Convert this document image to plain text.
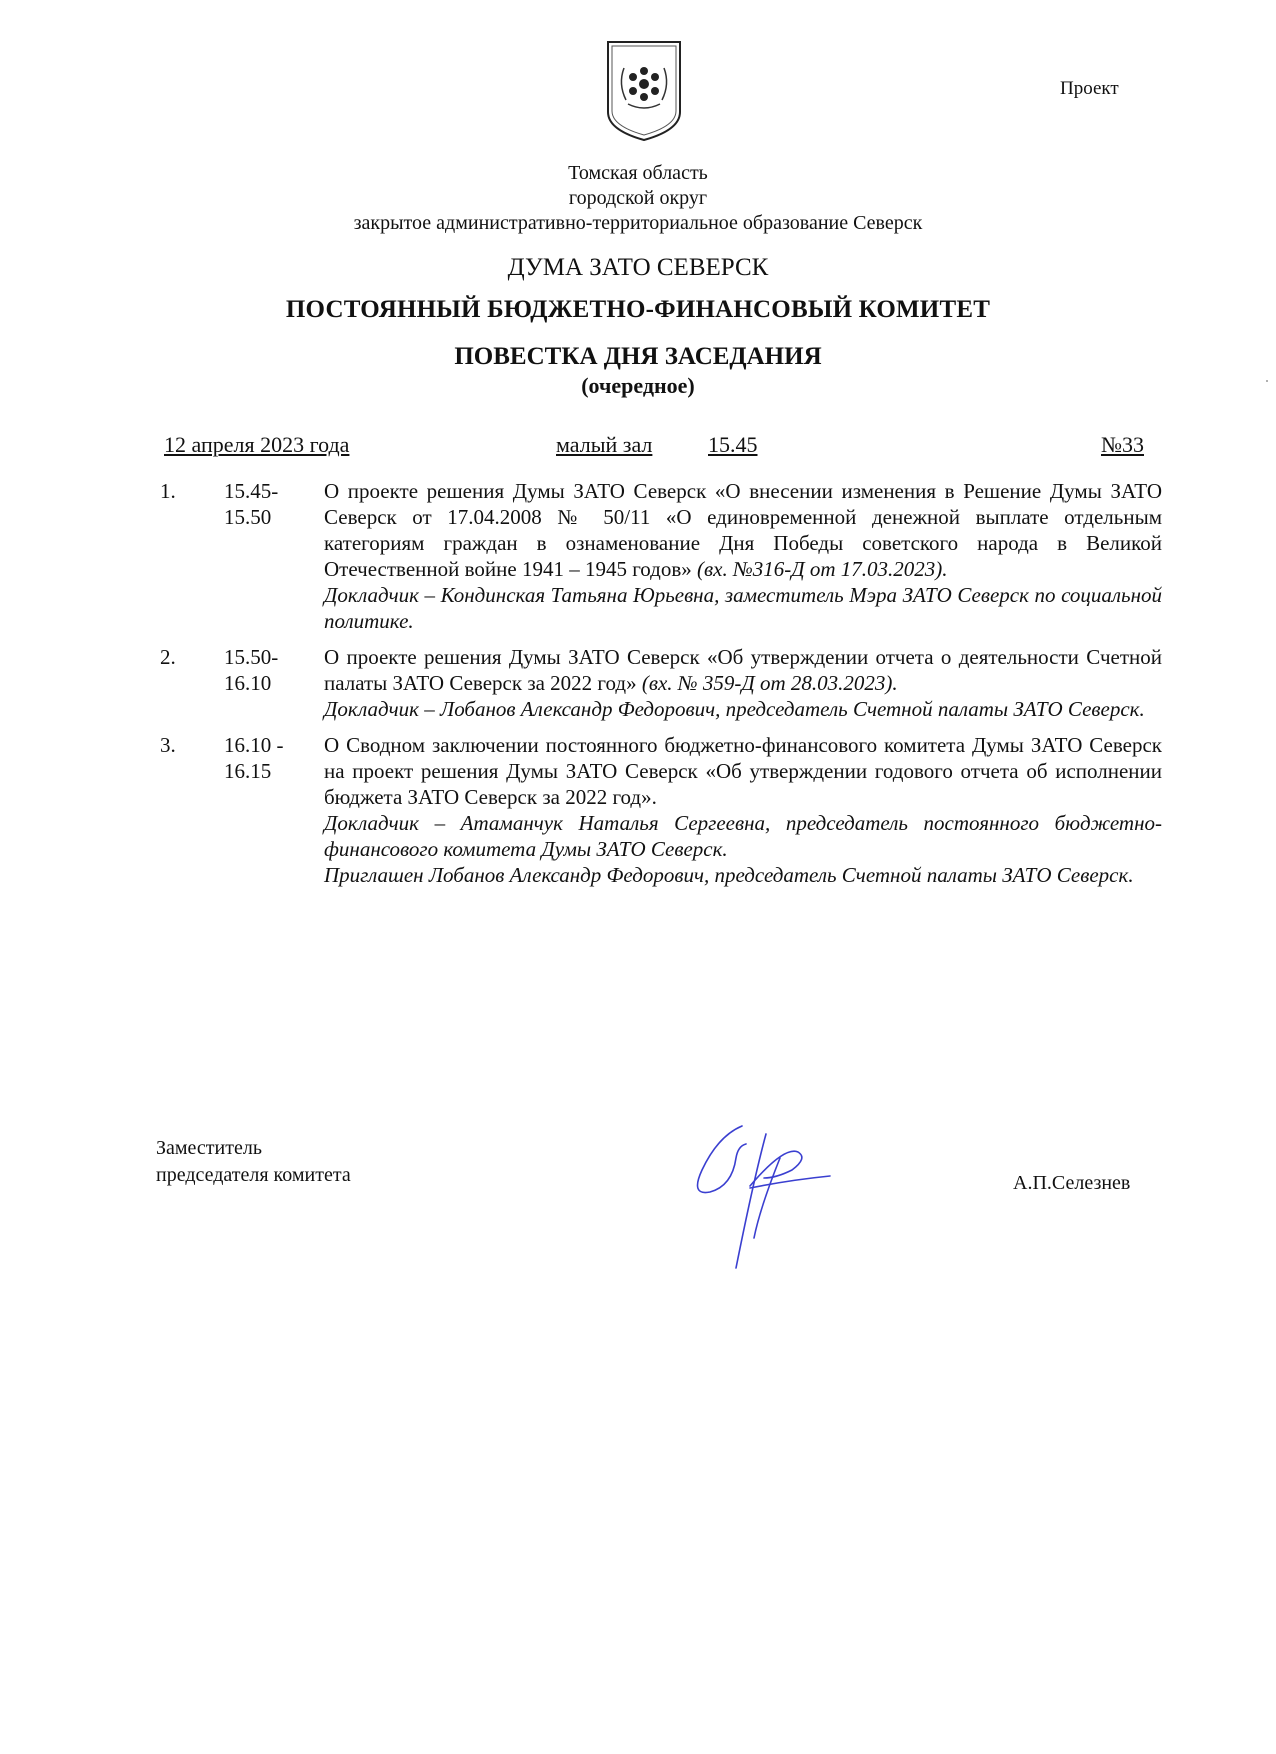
Проект
Томская область
городской округ
закрытое административно-территориальное образование Северск
ДУМА ЗАТО СЕВЕРСК
ПОСТОЯННЫЙ БЮДЖЕТНО-ФИНАНСОВЫЙ КОМИТЕТ
ПОВЕСТКА ДНЯ ЗАСЕДАНИЯ
(очередное)
12 апреля 2023 года	малый зал	15.45	№33
1.	15.45-
15.50

О проекте решения Думы ЗАТО Северск «О внесении изменения в Решение Думы ЗАТО Северск от 17.04.2008 № 50/11 «О единовременной денежной выплате отдельным категориям граждан в ознаменование Дня Победы советского народа в Великой Отечественной войне 1941 – 1945 годов» (вх. №316-Д от 17.03.2023).

Докладчик – Кондинская Татьяна Юрьевна, заместитель Мэра ЗАТО Северск по социальной политике.

2.	15.50-
16.10

О проекте решения Думы ЗАТО Северск «Об утверждении отчета о деятельности Счетной палаты ЗАТО Северск за 2022 год» (вх. № 359-Д от 28.03.2023).

Докладчик – Лобанов Александр Федорович, председатель Счетной палаты ЗАТО Северск.

3.	16.10 -
16.15

О Сводном заключении постоянного бюджетно-финансового комитета Думы ЗАТО Северск на проект решения Думы ЗАТО Северск «Об утверждении годового отчета об исполнении бюджета ЗАТО Северск за 2022 год».

Докладчик – Атаманчук Наталья Сергеевна, председатель постоянного бюджетно-финансового комитета Думы ЗАТО Северск.

Приглашен Лобанов Александр Федорович, председатель Счетной палаты ЗАТО Северск.

Заместитель
председателя комитета	А.П.Селезнев
